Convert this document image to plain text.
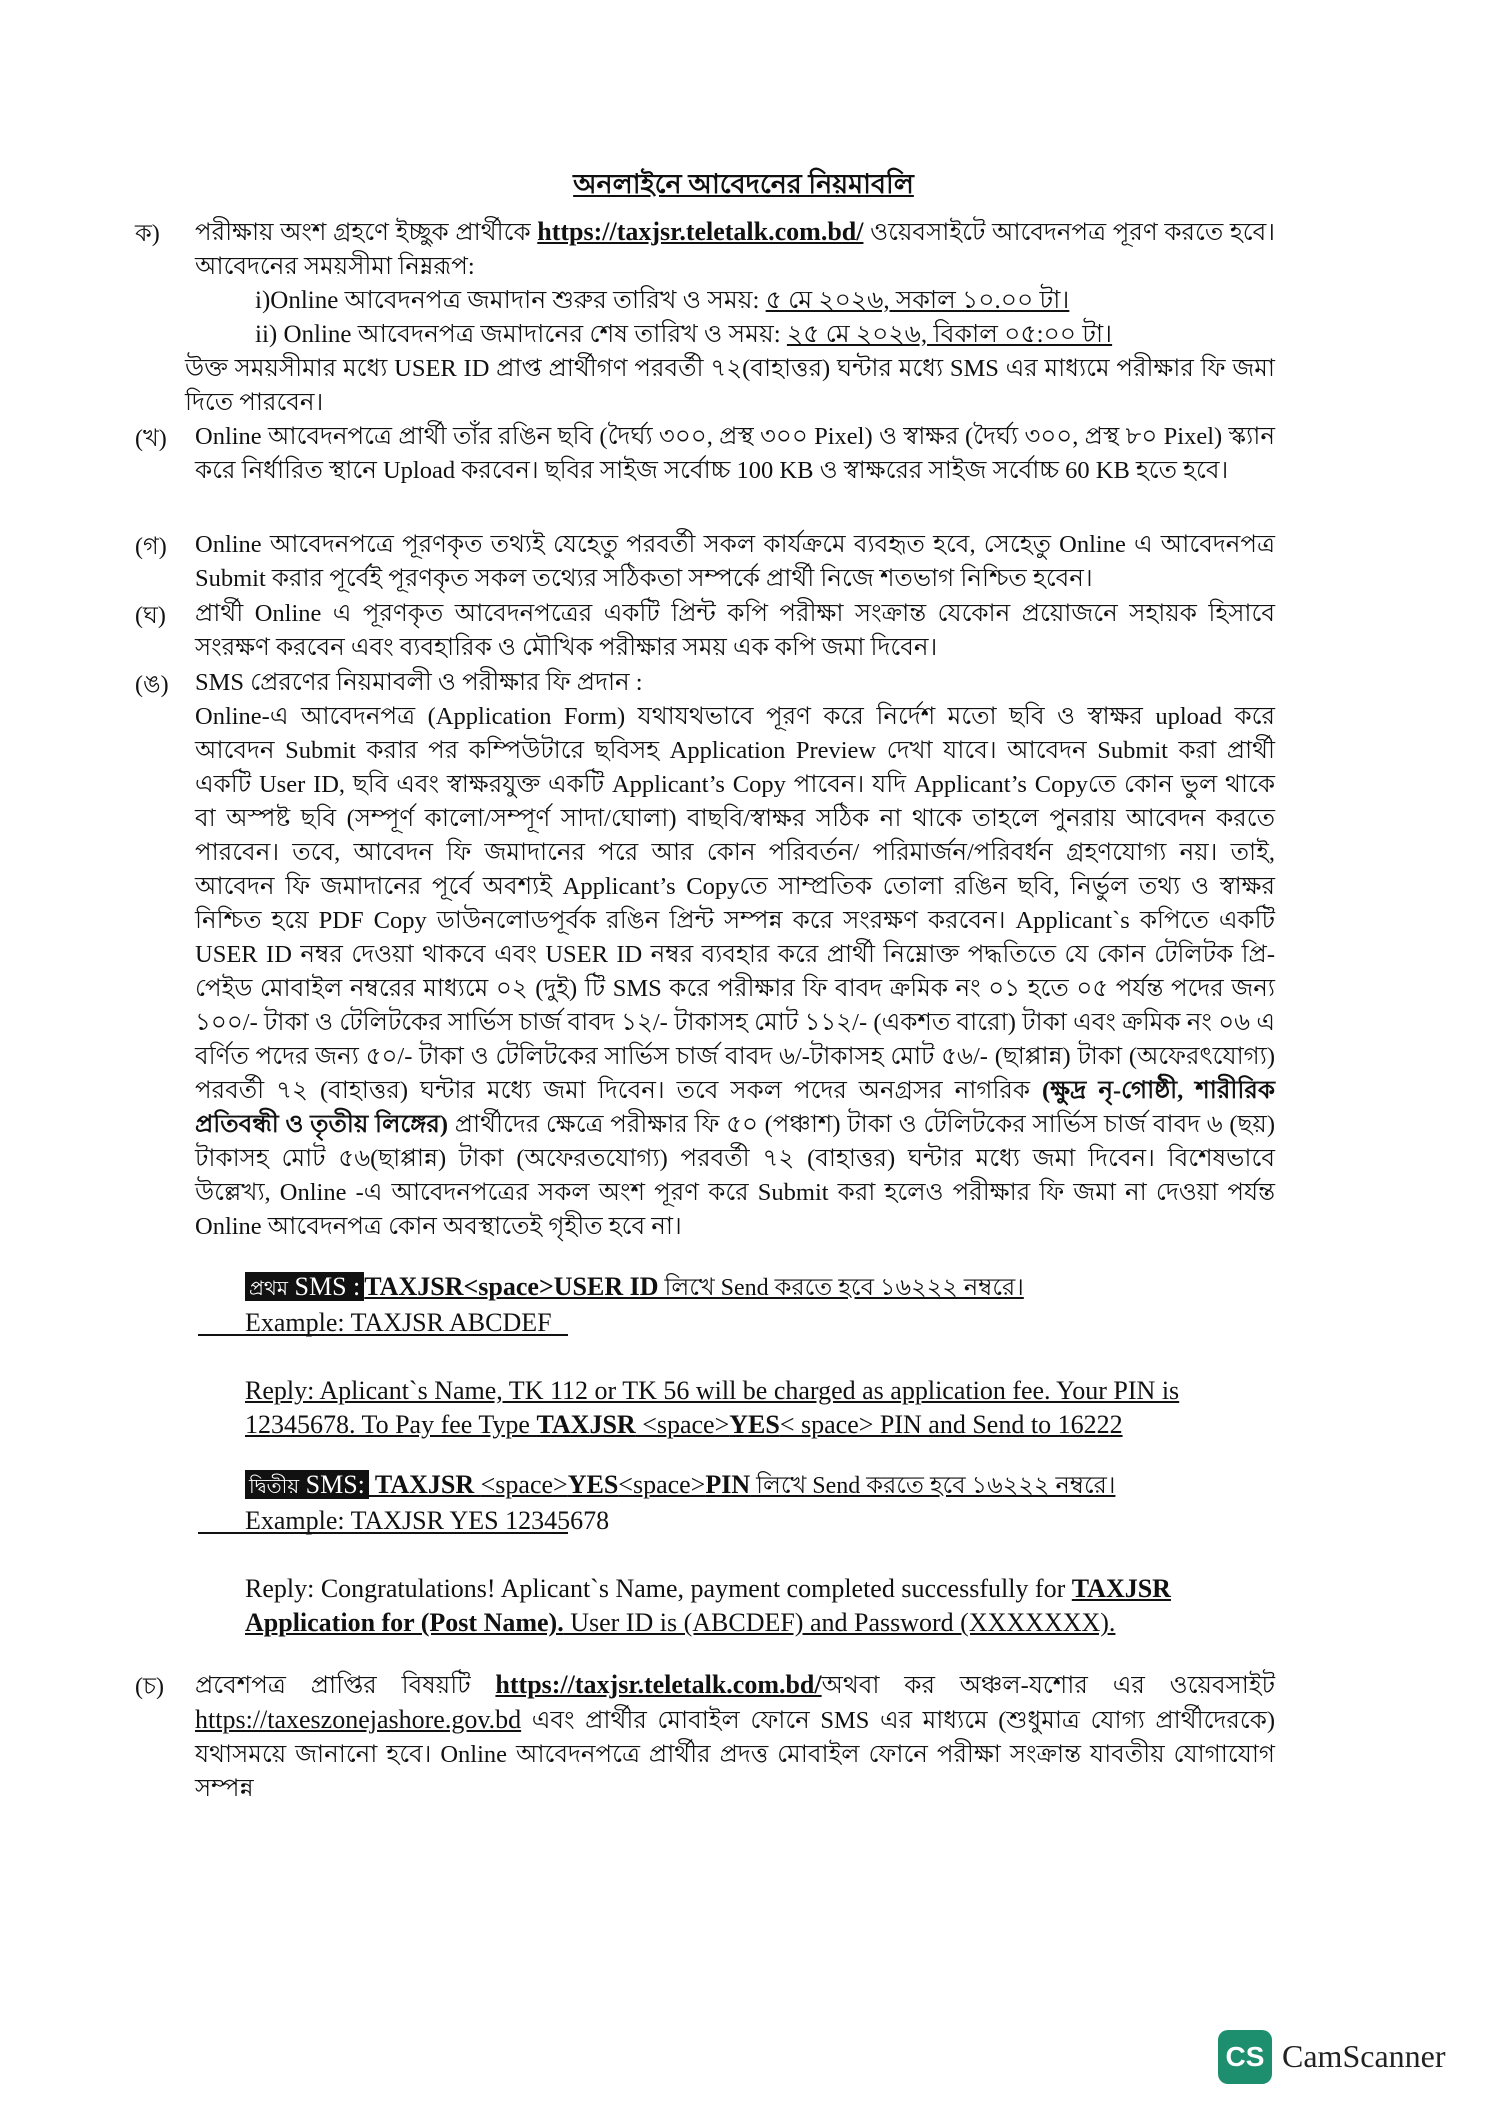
অনলাইনে আবেদনের নিয়মাবলি
ক) পরীক্ষায় অংশ গ্রহণে ইচ্ছুক প্রার্থীকে https://taxjsr.teletalk.com.bd/ ওয়েবসাইটে আবেদনপত্র পূরণ করতে হবে। আবেদনের সময়সীমা নিম্নরূপ:

i)Online আবেদনপত্র জমাদান শুরুর তারিখ ও সময়: ৫ মে ২০২৬, সকাল ১০.০০ টা।

ii) Online আবেদনপত্র জমাদানের শেষ তারিখ ও সময়: ২৫ মে ২০২৬, বিকাল ০৫:০০ টা।

উক্ত সময়সীমার মধ্যে USER ID প্রাপ্ত প্রার্থীগণ পরবর্তী ৭২(বাহাত্তর) ঘন্টার মধ্যে SMS এর মাধ্যমে পরীক্ষার ফি জমা দিতে পারবেন।

(খ) Online আবেদনপত্রে প্রার্থী তাঁর রঙিন ছবি (দৈর্ঘ্য ৩০০, প্রস্থ ৩০০ Pixel) ও স্বাক্ষর (দৈর্ঘ্য ৩০০, প্রস্থ ৮০ Pixel) স্ক্যান করে নির্ধারিত স্থানে Upload করবেন। ছবির সাইজ সর্বোচ্চ 100 KB ও স্বাক্ষরের সাইজ সর্বোচ্চ 60 KB হতে হবে।

(গ) Online আবেদনপত্রে পূরণকৃত তথ্যই যেহেতু পরবর্তী সকল কার্যক্রমে ব্যবহৃত হবে, সেহেতু Online এ আবেদনপত্র Submit করার পূর্বেই পূরণকৃত সকল তথ্যের সঠিকতা সম্পর্কে প্রার্থী নিজে শতভাগ নিশ্চিত হবেন।

(ঘ) প্রার্থী Online এ পূরণকৃত আবেদনপত্রের একটি প্রিন্ট কপি পরীক্ষা সংক্রান্ত যেকোন প্রয়োজনে সহায়ক হিসাবে সংরক্ষণ করবেন এবং ব্যবহারিক ও মৌখিক পরীক্ষার সময় এক কপি জমা দিবেন।

(ঙ) SMS প্রেরণের নিয়মাবলী ও পরীক্ষার ফি প্রদান :

Online-এ আবেদনপত্র (Application Form) যথাযথভাবে পূরণ করে নির্দেশ মতো ছবি ও স্বাক্ষর upload করে আবেদন Submit করার পর কম্পিউটারে ছবিসহ Application Preview দেখা যাবে। আবেদন Submit করা প্রার্থী একটি User ID, ছবি এবং স্বাক্ষরযুক্ত একটি Applicant’s Copy পাবেন। যদি Applicant’s Copyতে কোন ভুল থাকে বা অস্পষ্ট ছবি (সম্পূর্ণ কালো/সম্পূর্ণ সাদা/ঘোলা) বাছবি/স্বাক্ষর সঠিক না থাকে তাহলে পুনরায় আবেদন করতে পারবেন। তবে, আবেদন ফি জমাদানের পরে আর কোন পরিবর্তন/ পরিমার্জন/পরিবর্ধন গ্রহণযোগ্য নয়। তাই, আবেদন ফি জমাদানের পূর্বে অবশ্যই Applicant’s Copyতে সাম্প্রতিক তোলা রঙিন ছবি, নির্ভুল তথ্য ও স্বাক্ষর নিশ্চিত হয়ে PDF Copy ডাউনলোডপূর্বক রঙিন প্রিন্ট সম্পন্ন করে সংরক্ষণ করবেন। Applicant`s কপিতে একটি USER ID নম্বর দেওয়া থাকবে এবং USER ID নম্বর ব্যবহার করে প্রার্থী নিম্নোক্ত পদ্ধতিতে যে কোন টেলিটক প্রি-পেইড মোবাইল নম্বরের মাধ্যমে ০২ (দুই) টি SMS করে পরীক্ষার ফি বাবদ ক্রমিক নং ০১ হতে ০৫ পর্যন্ত পদের জন্য ১০০/- টাকা ও টেলিটকের সার্ভিস চার্জ বাবদ ১২/- টাকাসহ মোট ১১২/- (একশত বারো) টাকা এবং ক্রমিক নং ০৬ এ বর্ণিত পদের জন্য ৫০/- টাকা ও টেলিটকের সার্ভিস চার্জ বাবদ ৬/-টাকাসহ মোট ৫৬/- (ছাপ্পান্ন) টাকা (অফেরৎযোগ্য) পরবর্তী ৭২ (বাহাত্তর) ঘন্টার মধ্যে জমা দিবেন। তবে সকল পদের অনগ্রসর নাগরিক (ক্ষুদ্র নৃ-গোষ্ঠী, শারীরিক প্রতিবন্ধী ও তৃতীয় লিঙ্গের) প্রার্থীদের ক্ষেত্রে পরীক্ষার ফি ৫০ (পঞ্চাশ) টাকা ও টেলিটকের সার্ভিস চার্জ বাবদ ৬ (ছয়) টাকাসহ মোট ৫৬(ছাপ্পান্ন) টাকা (অফেরতযোগ্য) পরবর্তী ৭২ (বাহাত্তর) ঘন্টার মধ্যে জমা দিবেন। বিশেষভাবে উল্লেখ্য, Online -এ আবেদনপত্রের সকল অংশ পূরণ করে Submit করা হলেও পরীক্ষার ফি জমা না দেওয়া পর্যন্ত Online আবেদনপত্র কোন অবস্থাতেই গৃহীত হবে না।

প্রথম SMS : TAXJSR<space>USER ID লিখে Send করতে হবে ১৬২২২ নম্বরে।

Example: TAXJSR ABCDEF

Reply: Aplicant`s Name, TK 112 or TK 56 will be charged as application fee. Your PIN is 12345678. To Pay fee Type TAXJSR <space>YES< space> PIN and Send to 16222

দ্বিতীয় SMS: TAXJSR <space>YES<space>PIN লিখে Send করতে হবে ১৬২২২ নম্বরে।

Example: TAXJSR YES 12345678

Reply: Congratulations! Aplicant`s Name, payment completed successfully for TAXJSR Application for (Post Name). User ID is (ABCDEF) and Password (XXXXXXX).

(চ) প্রবেশপত্র প্রাপ্তির বিষয়টি https://taxjsr.teletalk.com.bd/অথবা কর অঞ্চল-যশোর এর ওয়েবসাইট https://taxeszonejashore.gov.bd এবং প্রার্থীর মোবাইল ফোনে SMS এর মাধ্যমে (শুধুমাত্র যোগ্য প্রার্থীদেরকে) যথাসময়ে জানানো হবে। Online আবেদনপত্রে প্রার্থীর প্রদত্ত মোবাইল ফোনে পরীক্ষা সংক্রান্ত যাবতীয় যোগাযোগ সম্পন্ন

CS CamScanner
